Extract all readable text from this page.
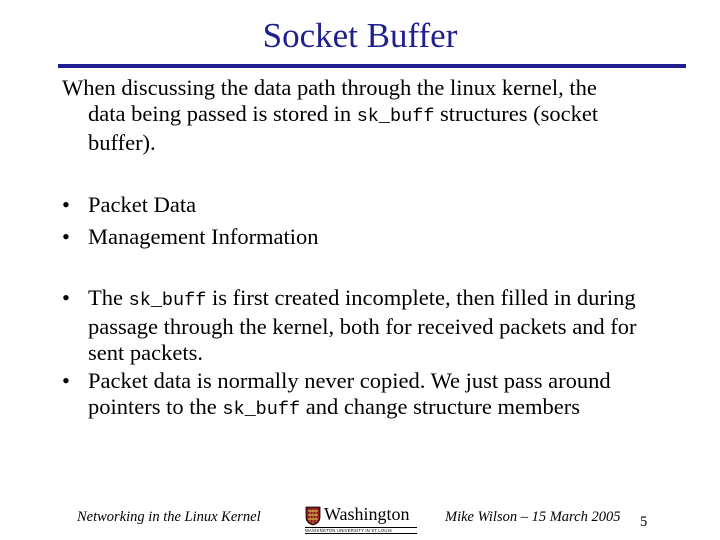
Socket Buffer
When discussing the data path through the linux kernel, the
data being passed is stored in sk_buff structures (socket
buffer).
• Packet Data
• Management Information
• The sk_buff is first created incomplete, then filled in during passage through the kernel, both for received packets and for sent packets.
• Packet data is normally never copied. We just pass around pointers to the sk_buff and change structure members
Networking in the Linux Kernel	Washington
WASHINGTON UNIVERSITY IN ST LOUIS
Mike Wilson – 15 March 2005 5
